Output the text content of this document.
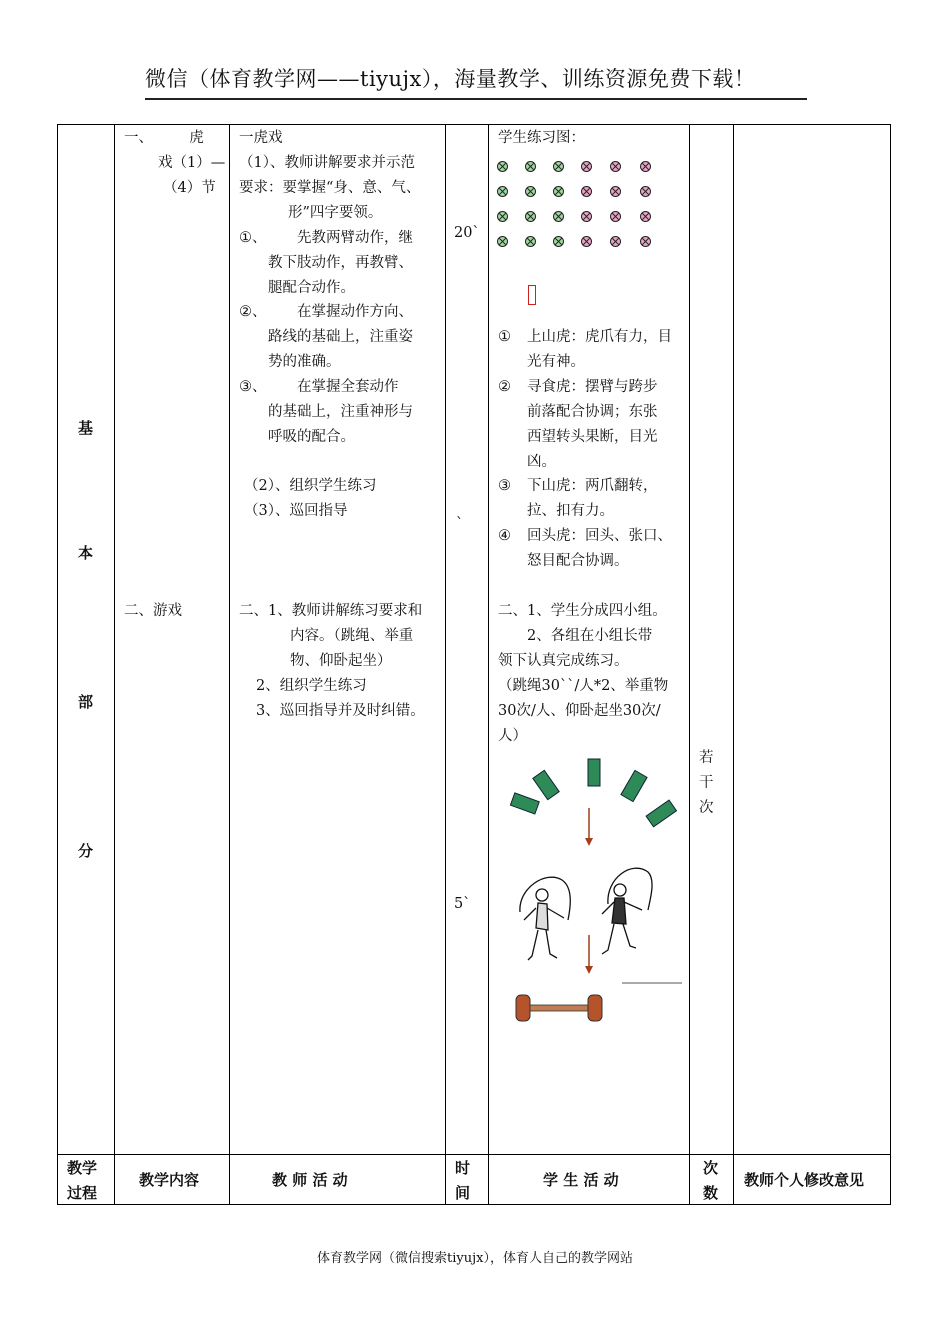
微信（体育教学网——tiyujx），海量教学、训练资源免费下载！
基
本
部
分
一、　　　虎
戏（1）—
（4）节
二、游戏
一虎戏
（1）、教师讲解要求并示范
要求：要掌握“身、意、气、
形”四字要领。
①、 　　先教两臂动作，继
教下肢动作，再教臂、
腿配合动作。
②、 　　在掌握动作方向、
路线的基础上，注重姿
势的准确。
③、 　　在掌握全套动作
的基础上，注重神形与
呼吸的配合。
（2）、组织学生练习
（3）、巡回指导
二、1、教师讲解练习要求和
内容。（跳绳、举重
物、仰卧起坐）
2、组织学生练习
3、巡回指导并及时纠错。
20`
`
5`
学生练习图：
① 上山虎：虎爪有力，目
光有神。
② 寻食虎：摆臂与跨步
前落配合协调；东张
西望转头果断，目光
凶。
③ 下山虎：两爪翻转，
拉、扣有力。
④ 回头虎：回头、张口、
怒目配合协调。
二、1、学生分成四小组。
　　2、各组在小组长带
领下认真完成练习。
（跳绳30``/人*2、举重物
30次/人、仰卧起坐30次/
人）
若
干
次
教学
过程
教学内容	教 师 活 动
时
间
学 生 活 动
次
数
教师个人修改意见
体育教学网（微信搜索tiyujx），体育人自己的教学网站
